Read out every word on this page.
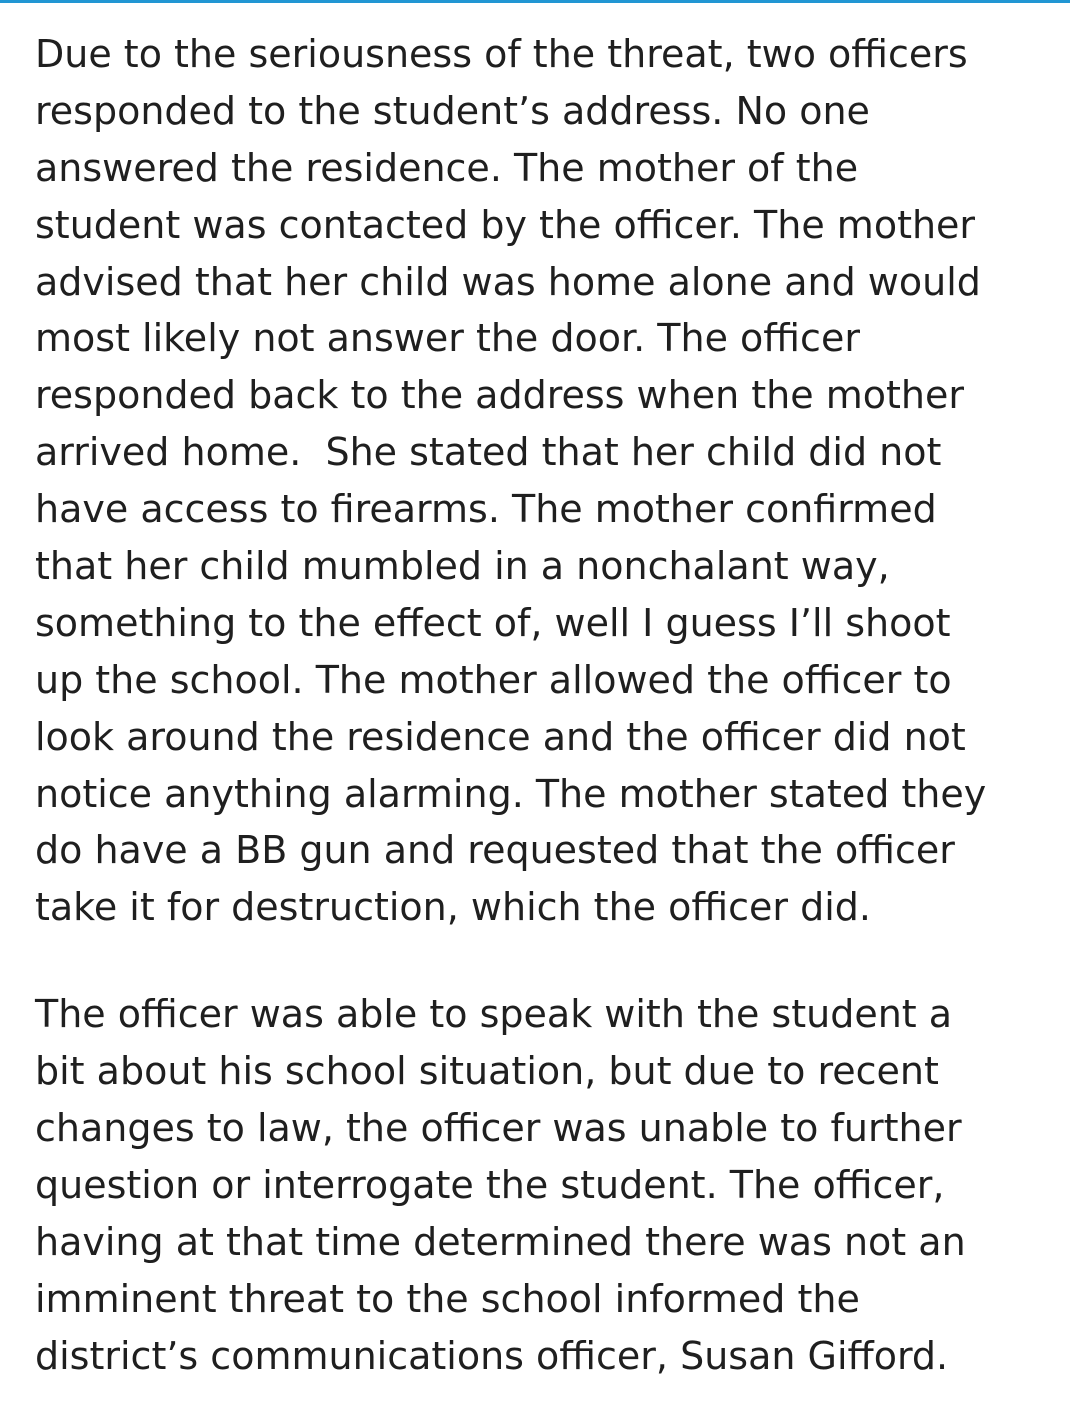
Due to the seriousness of the threat, two officers
responded to the student’s address. No one
answered the residence. The mother of the
student was contacted by the officer. The mother
advised that her child was home alone and would
most likely not answer the door. The officer
responded back to the address when the mother
arrived home.  She stated that her child did not
have access to firearms. The mother confirmed
that her child mumbled in a nonchalant way,
something to the effect of, well I guess I’ll shoot
up the school. The mother allowed the officer to
look around the residence and the officer did not
notice anything alarming. The mother stated they
do have a BB gun and requested that the officer
take it for destruction, which the officer did.
The officer was able to speak with the student a
bit about his school situation, but due to recent
changes to law, the officer was unable to further
question or interrogate the student. The officer,
having at that time determined there was not an
imminent threat to the school informed the
district’s communications officer, Susan Gifford.
